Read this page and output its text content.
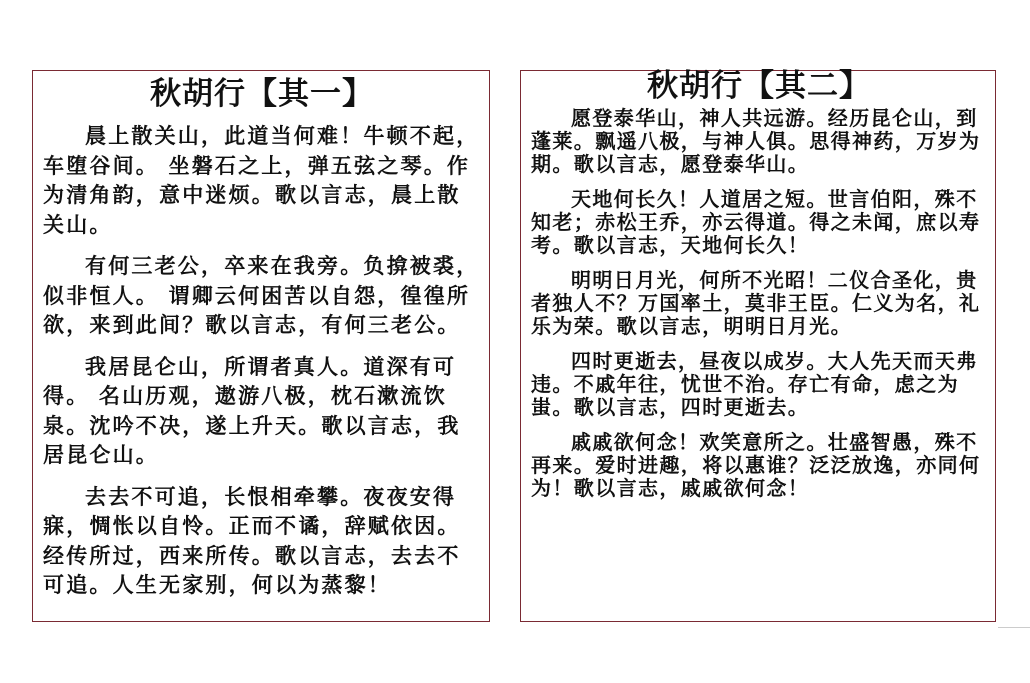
秋胡行【其一】

晨上散关山，此道当何难！牛顿不起，车堕谷间。 坐磐石之上，弹五弦之琴。作为清角韵，意中迷烦。歌以言志，晨上散关山。

有何三老公，卒来在我旁。负揜被裘，似非恒人。 谓卿云何困苦以自怨，徨徨所欲，来到此间？歌以言志，有何三老公。

我居昆仑山，所谓者真人。道深有可得。 名山历观，遨游八极，枕石漱流饮泉。沈吟不决，遂上升天。歌以言志，我居昆仑山。

去去不可追，长恨相牵攀。夜夜安得寐，惆怅以自怜。正而不谲，辞赋依因。经传所过，西来所传。歌以言志，去去不可追。人生无家别，何以为蒸黎！

秋胡行【其二】

愿登泰华山，神人共远游。经历昆仑山，到蓬莱。飘遥八极，与神人俱。思得神药，万岁为期。歌以言志，愿登泰华山。

天地何长久！人道居之短。世言伯阳，殊不知老；赤松王乔，亦云得道。得之未闻，庶以寿考。歌以言志，天地何长久！

明明日月光，何所不光昭！二仪合圣化，贵者独人不？万国率土，莫非王臣。仁义为名，礼乐为荣。歌以言志，明明日月光。

四时更逝去，昼夜以成岁。大人先天而天弗违。不戚年往，忧世不治。存亡有命，虑之为蚩。歌以言志，四时更逝去。

戚戚欲何念！欢笑意所之。壮盛智愚，殊不再来。爱时进趣，将以惠谁？泛泛放逸，亦同何为！歌以言志，戚戚欲何念！
